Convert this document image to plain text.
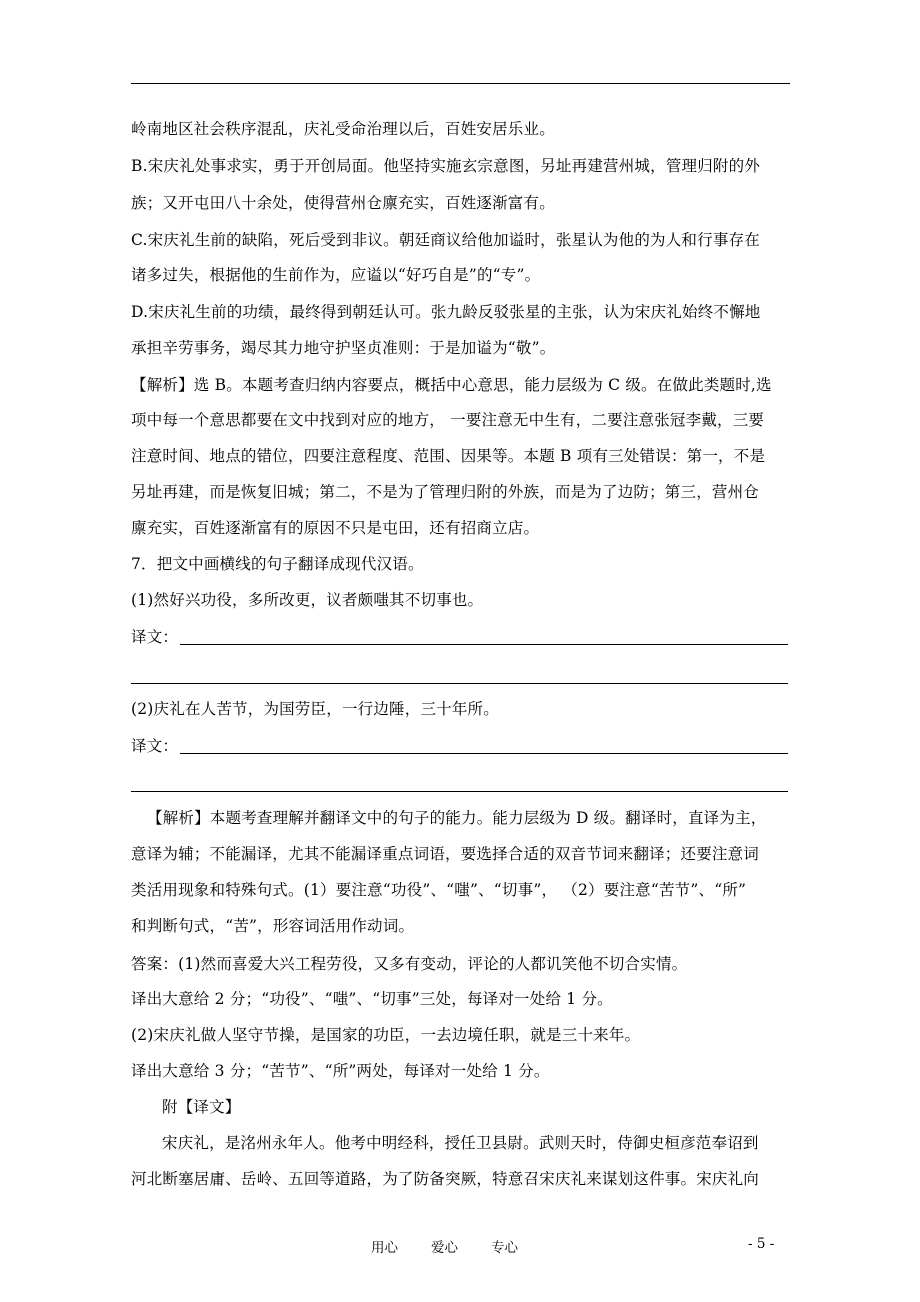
岭南地区社会秩序混乱，庆礼受命治理以后，百姓安居乐业。
B.宋庆礼处事求实，勇于开创局面。他坚持实施玄宗意图，另址再建营州城，管理归附的外
族；又开屯田八十余处，使得营州仓廪充实，百姓逐渐富有。
C.宋庆礼生前的缺陷，死后受到非议。朝廷商议给他加谥时，张星认为他的为人和行事存在
诸多过失，根据他的生前作为，应谥以“好巧自是”的“专”。
D.宋庆礼生前的功绩，最终得到朝廷认可。张九龄反驳张星的主张，认为宋庆礼始终不懈地
承担辛劳事务，竭尽其力地守护坚贞准则：于是加谥为“敬”。
【解析】选 B。本题考查归纳内容要点，概括中心意思，能力层级为 C 级。在做此类题时,选
项中每一个意思都要在文中找到对应的地方， 一要注意无中生有，二要注意张冠李戴，三要
注意时间、地点的错位，四要注意程度、范围、因果等。本题 B 项有三处错误：第一，不是
另址再建，而是恢复旧城；第二，不是为了管理归附的外族，而是为了边防；第三，营州仓
廪充实，百姓逐渐富有的原因不只是屯田，还有招商立店。
7．把文中画横线的句子翻译成现代汉语。
(1)然好兴功役，多所改更，议者颇嗤其不切事也。
译文：
(2)庆礼在人苦节，为国劳臣，一行边陲，三十年所。
译文：
【解析】本题考查理解并翻译文中的句子的能力。能力层级为 D 级。翻译时，直译为主，
意译为辅；不能漏译，尤其不能漏译重点词语，要选择合适的双音节词来翻译；还要注意词
类活用现象和特殊句式。(1）要注意“功役”、“嗤”、“切事”， （2）要注意“苦节”、“所”
和判断句式，“苦”，形容词活用作动词。
答案：(1)然而喜爱大兴工程劳役，又多有变动，评论的人都讥笑他不切合实情。
译出大意给 2 分；“功役”、“嗤”、“切事”三处，每译对一处给 1 分。
(2)宋庆礼做人坚守节操，是国家的功臣，一去边境任职，就是三十来年。
译出大意给 3 分；“苦节”、“所”两处，每译对一处给 1 分。
附【译文】
宋庆礼，是洺州永年人。他考中明经科，授任卫县尉。武则天时，侍御史桓彦范奉诏到
河北断塞居庸、岳岭、五回等道路，为了防备突厥，特意召宋庆礼来谋划这件事。宋庆礼向
用心 爱心 专心	- 5 -
